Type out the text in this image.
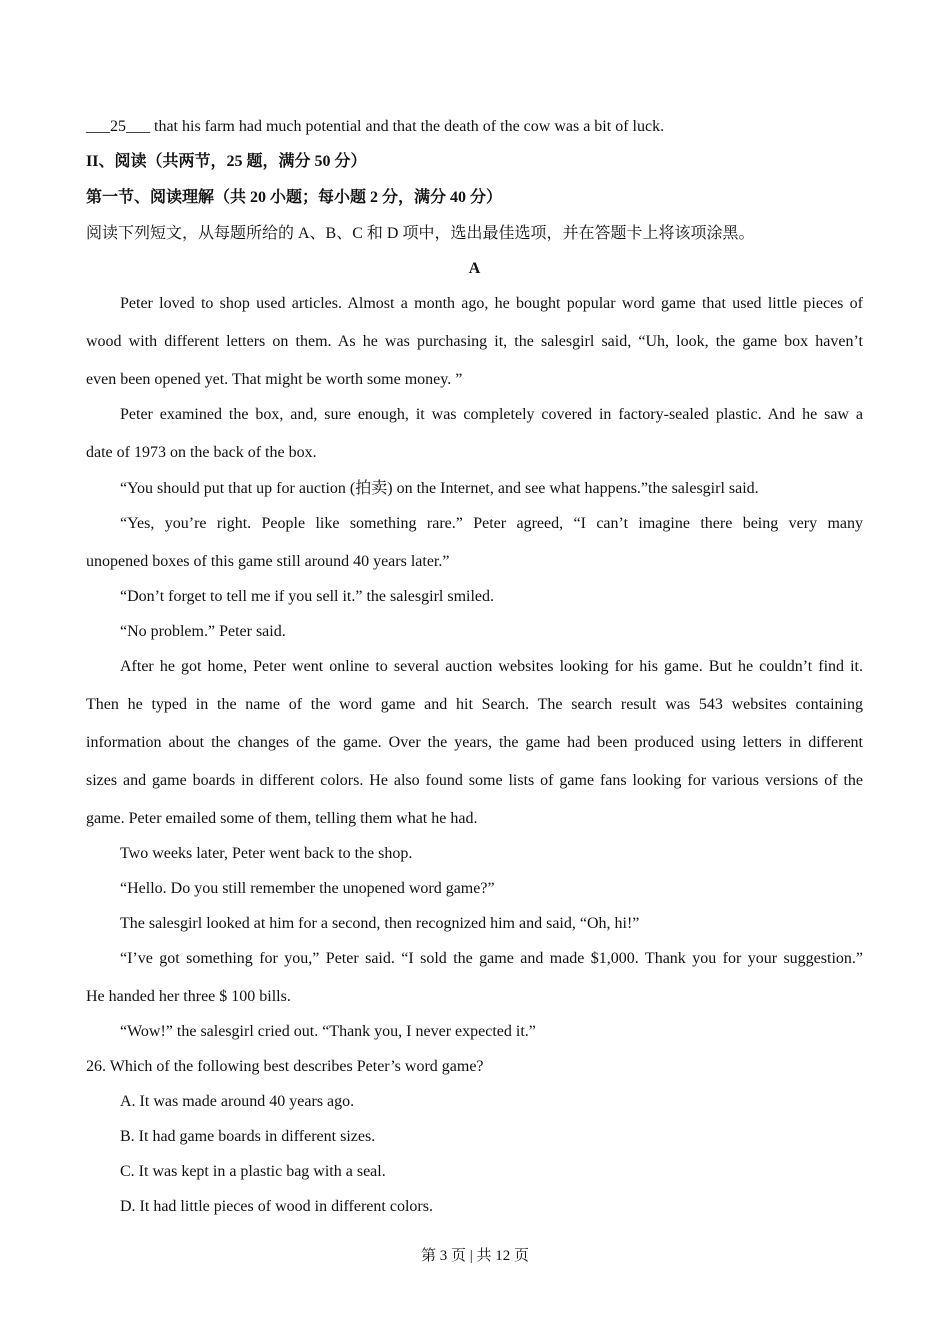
___25___ that his farm had much potential and that the death of the cow was a bit of luck.
II、阅读（共两节，25 题，满分 50 分）
第一节、阅读理解（共 20 小题；每小题 2 分，满分 40 分）
阅读下列短文，从每题所给的 A、B、C 和 D 项中，选出最佳选项，并在答题卡上将该项涂黑。
A
Peter loved to shop used articles. Almost a month ago, he bought popular word game that used little pieces of
wood with different letters on them. As he was purchasing it, the salesgirl said, “Uh, look, the game box haven’t
even been opened yet. That might be worth some money. ”
Peter examined the box, and, sure enough, it was completely covered in factory-sealed plastic. And he saw a
date of 1973 on the back of the box.
“You should put that up for auction (拍卖) on the Internet, and see what happens.”the salesgirl said.
“Yes, you’re right. People like something rare.” Peter agreed, “I can’t imagine there being very many
unopened boxes of this game still around 40 years later.”
“Don’t forget to tell me if you sell it.” the salesgirl smiled.
“No problem.” Peter said.
After he got home, Peter went online to several auction websites looking for his game. But he couldn’t find it.
Then he typed in the name of the word game and hit Search. The search result was 543 websites containing
information about the changes of the game. Over the years, the game had been produced using letters in different
sizes and game boards in different colors. He also found some lists of game fans looking for various versions of the
game. Peter emailed some of them, telling them what he had.
Two weeks later, Peter went back to the shop.
“Hello. Do you still remember the unopened word game?”
The salesgirl looked at him for a second, then recognized him and said, “Oh, hi!”
“I’ve got something for you,” Peter said. “I sold the game and made $1,000. Thank you for your suggestion.”
He handed her three $ 100 bills.
“Wow!” the salesgirl cried out. “Thank you, I never expected it.”
26. Which of the following best describes Peter’s word game?
A. It was made around 40 years ago.
B. It had game boards in different sizes.
C. It was kept in a plastic bag with a seal.
D. It had little pieces of wood in different colors.
第 3 页 | 共 12 页
